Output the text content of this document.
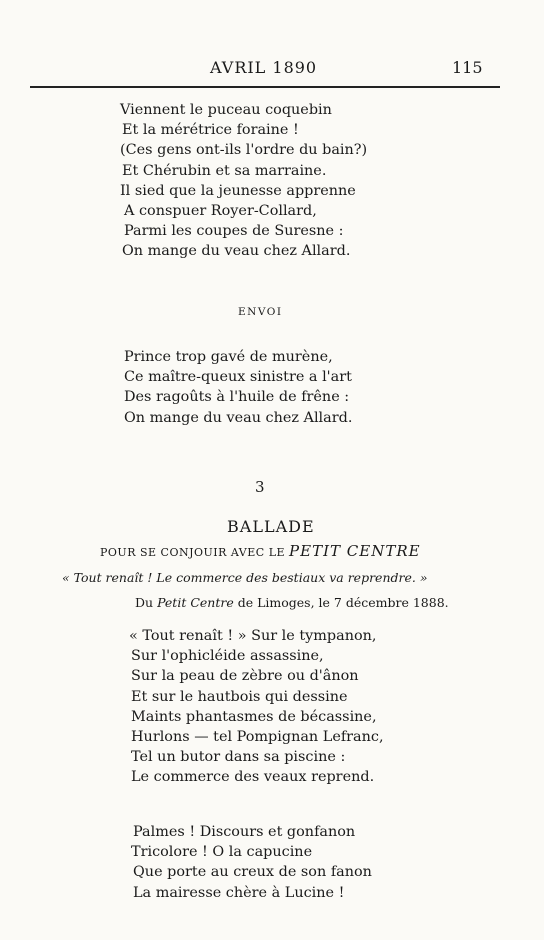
AVRIL 1890	115
Viennent le puceau coquebin
Et la mérétrice foraine !
(Ces gens ont-ils l'ordre du bain?)
Et Chérubin et sa marraine.
Il sied que la jeunesse apprenne
A conspuer Royer-Collard,
Parmi les coupes de Suresne :
On mange du veau chez Allard.
ENVOI
Prince trop gavé de murène,
Ce maître-queux sinistre a l'art
Des ragoûts à l'huile de frêne :
On mange du veau chez Allard.
3
BALLADE
POUR SE CONJOUIR AVEC LE PETIT CENTRE
« Tout renaît ! Le commerce des bestiaux va reprendre. »
Du Petit Centre de Limoges, le 7 décembre 1888.
« Tout renaît ! » Sur le tympanon,
Sur l'ophicléide assassine,
Sur la peau de zèbre ou d'ânon
Et sur le hautbois qui dessine
Maints phantasmes de bécassine,
Hurlons — tel Pompignan Lefranc,
Tel un butor dans sa piscine :
Le commerce des veaux reprend.
Palmes ! Discours et gonfanon
Tricolore ! O la capucine
Que porte au creux de son fanon
La mairesse chère à Lucine !
